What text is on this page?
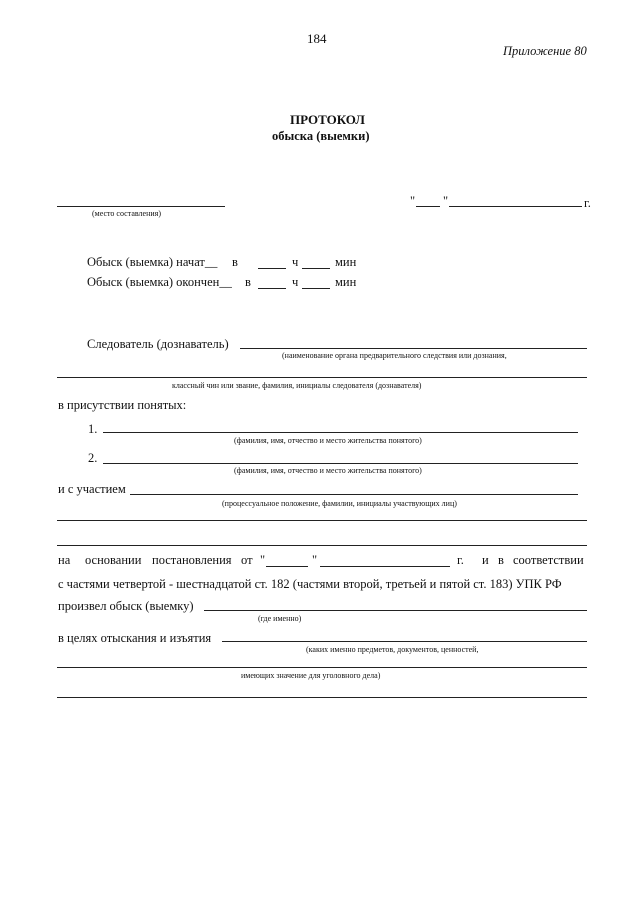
184
Приложение 80
ПРОТОКОЛ
обыска (выемки)
(место составления)
" "	г.
Обыск (выемка) начат__ в	ч	мин
Обыск (выемка) окончен__ в	ч	мин
Следователь (дознаватель)
(наименование органа предварительного следствия или дознания,
классный чин или звание, фамилия, инициалы следователя (дознавателя)
в присутствии понятых:
1.
(фамилия, имя, отчество и место жительства понятого)
2.
(фамилия, имя, отчество и место жительства понятого)
и с участием
(процессуальное положение, фамилии, инициалы участвующих лиц)
на основании постановления от "	"	г. и в соответствии
с частями четвертой - шестнадцатой ст. 182 (частями второй, третьей и пятой ст. 183) УПК РФ
произвел обыск (выемку)
(где именно)
в целях отыскания и изъятия
(каких именно предметов, документов, ценностей,
имеющих значение для уголовного дела)
